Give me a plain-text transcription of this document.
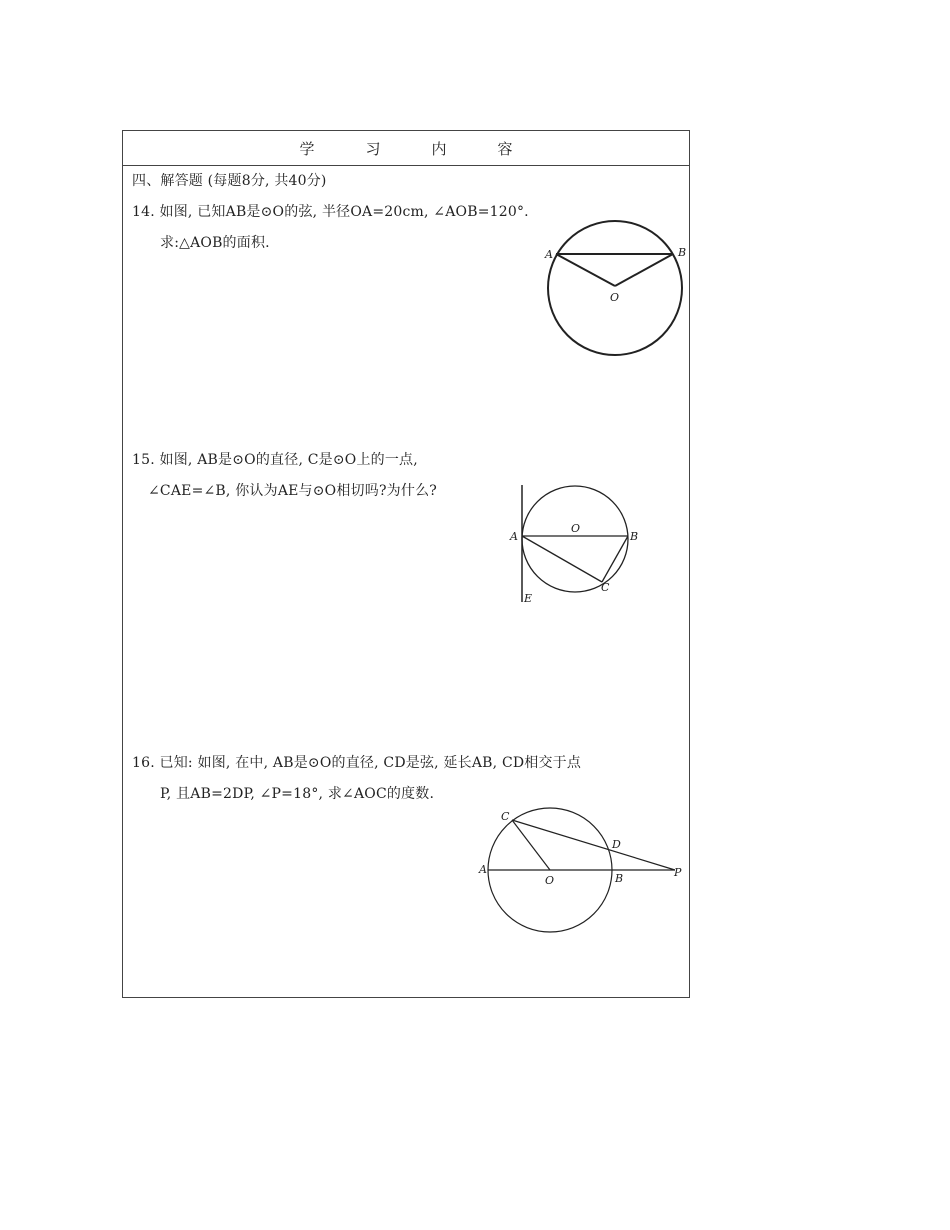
学	习	内	容
四、解答题 (每题8分, 共40分)
14. 如图, 已知AB是⊙O的弦, 半径OA=20cm, ∠AOB=120°.
求:△AOB的面积.
A	B
O
15. 如图, AB是⊙O的直径, C是⊙O上的一点,
∠CAE=∠B, 你认为AE与⊙O相切吗?为什么?
A	B
O
C
E
16. 已知: 如图, 在中, AB是⊙O的直径, CD是弦, 延长AB, CD相交于点
P, 且AB=2DP, ∠P=18°, 求∠AOC的度数.
C
D
A
O	B	P
